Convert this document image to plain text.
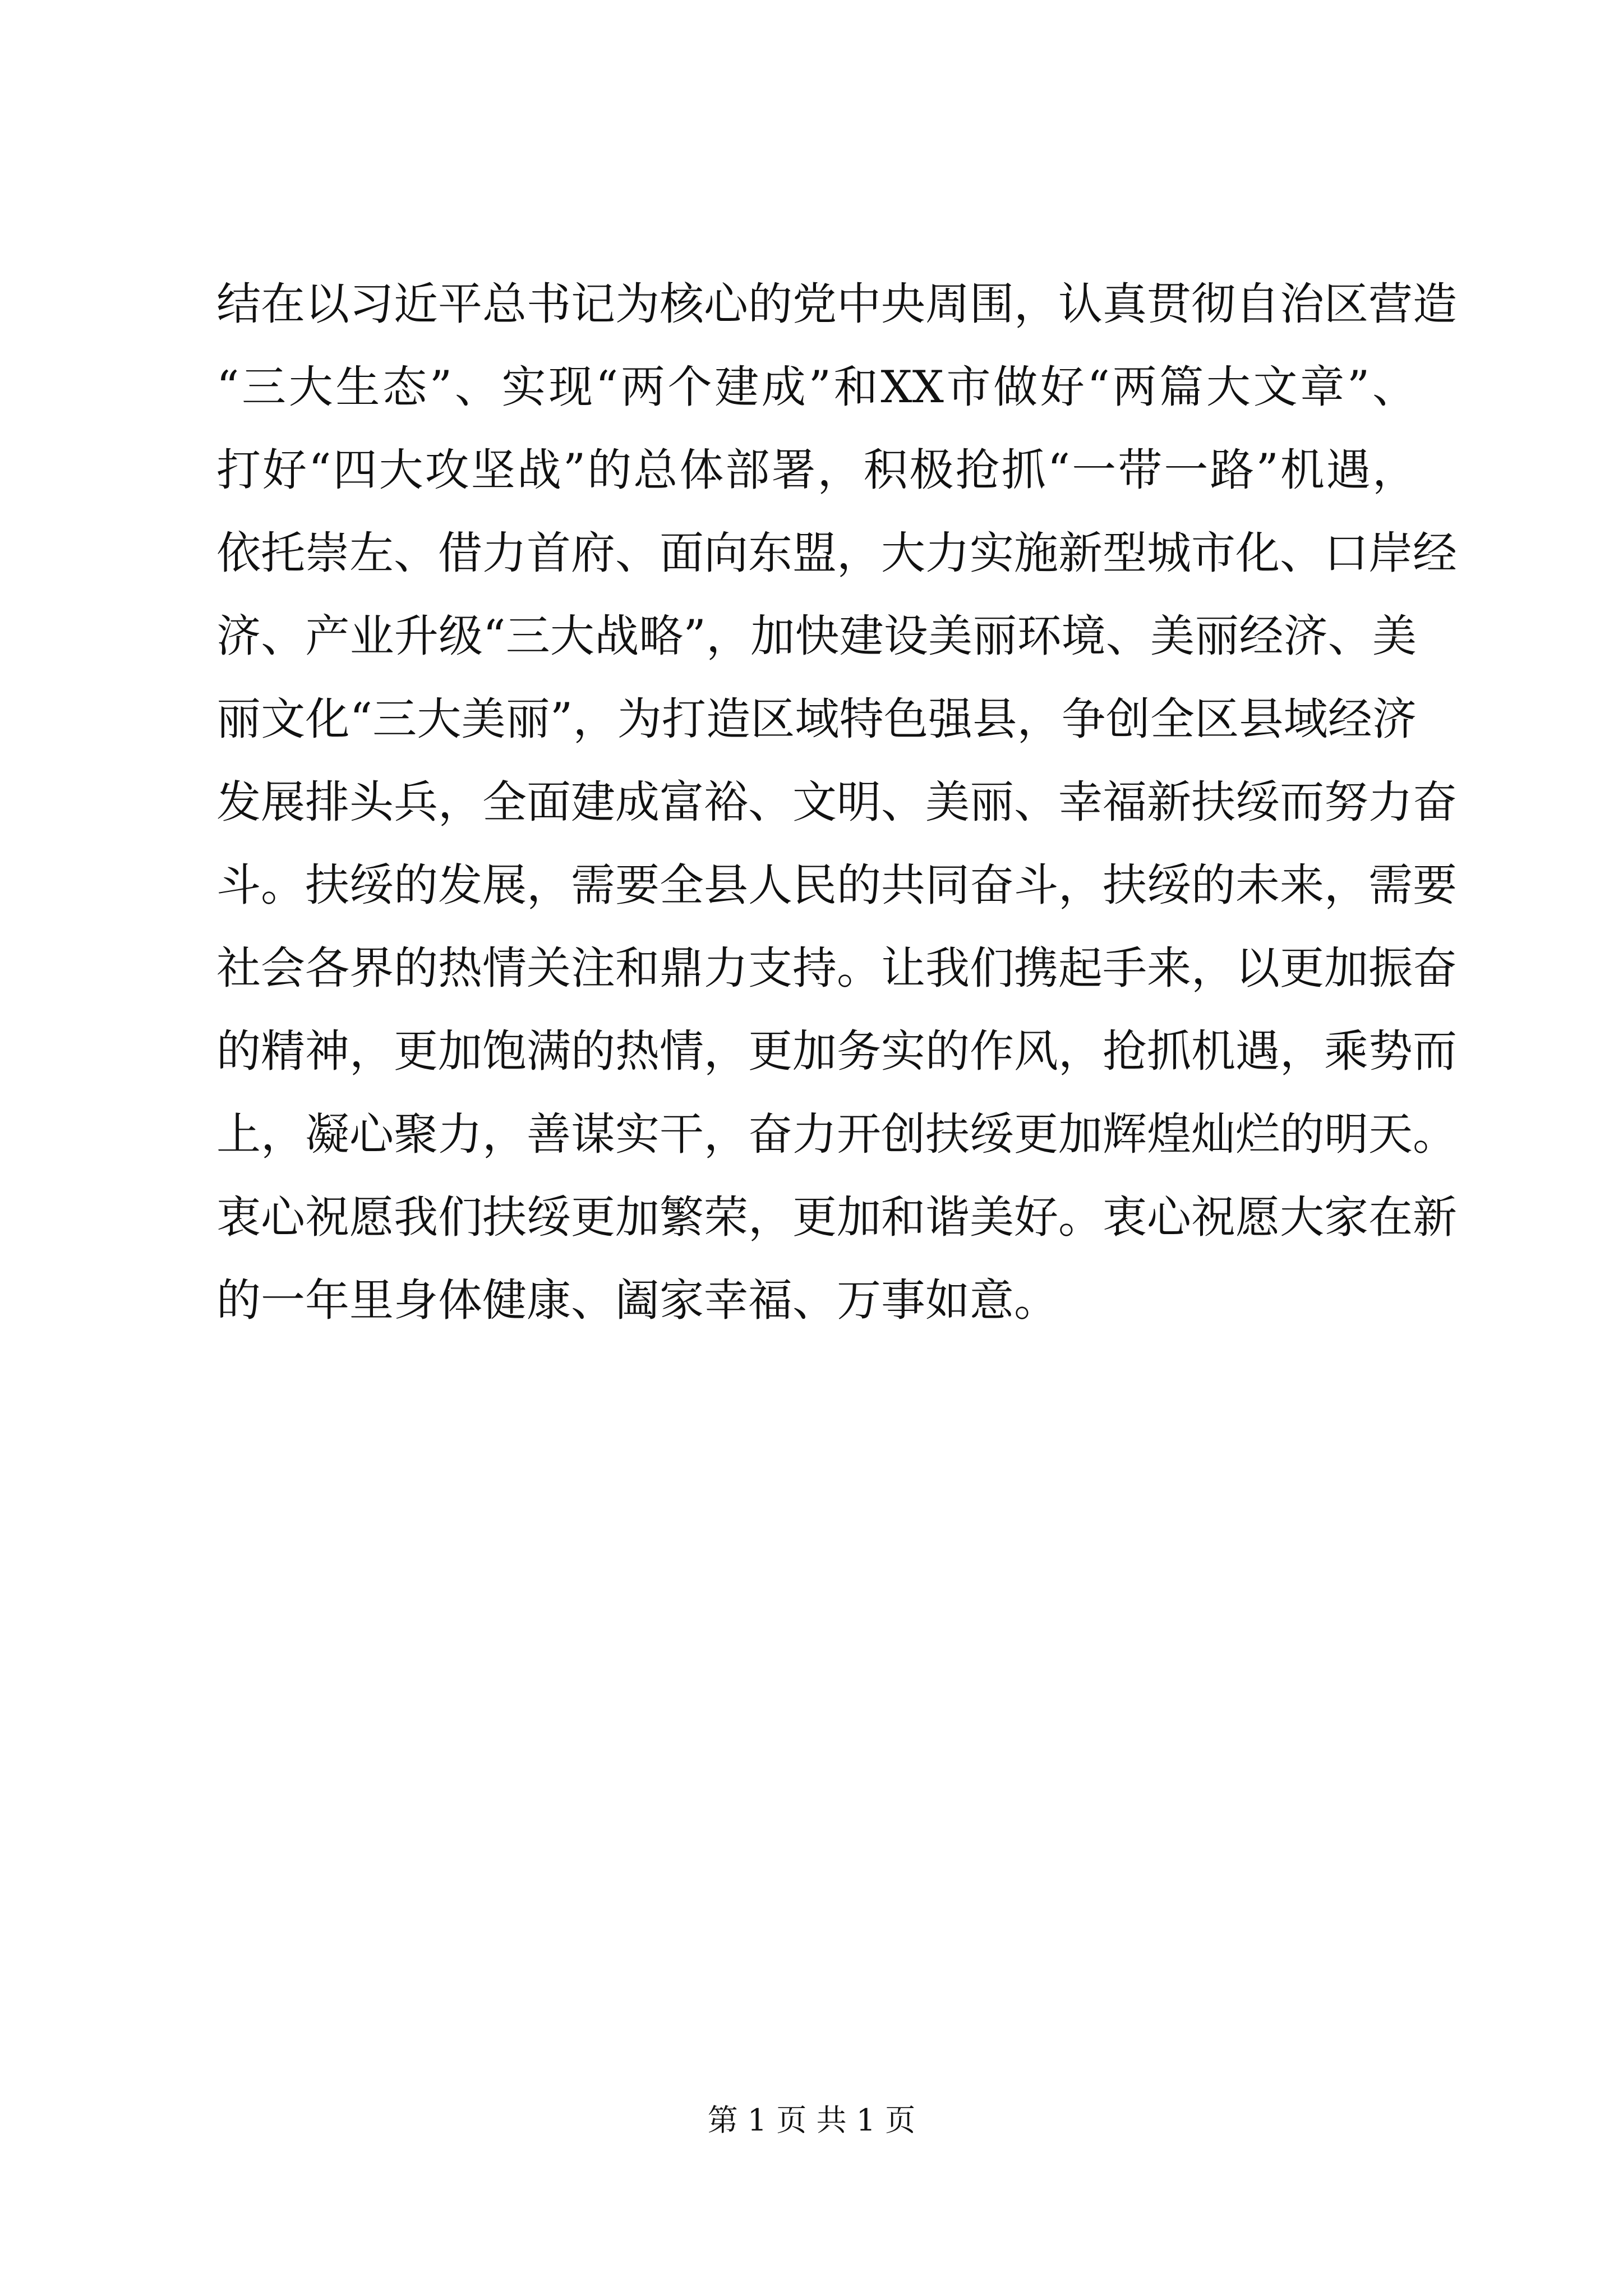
结在以习近平总书记为核心的党中央周围，认真贯彻自治区营造
“三大生态”、实现“两个建成”和XX市做好“两篇大文章”、
打好“四大攻坚战”的总体部署，积极抢抓“一带一路”机遇，
依托崇左、借力首府、面向东盟，大力实施新型城市化、口岸经
济、产业升级“三大战略”，加快建设美丽环境、美丽经济、美
丽文化“三大美丽”，为打造区域特色强县，争创全区县域经济
发展排头兵，全面建成富裕、文明、美丽、幸福新扶绥而努力奋
斗。扶绥的发展，需要全县人民的共同奋斗，扶绥的未来，需要
社会各界的热情关注和鼎力支持。让我们携起手来，以更加振奋
的精神，更加饱满的热情，更加务实的作风，抢抓机遇，乘势而
上，凝心聚力，善谋实干，奋力开创扶绥更加辉煌灿烂的明天。
衷心祝愿我们扶绥更加繁荣，更加和谐美好。衷心祝愿大家在新
的一年里身体健康、阖家幸福、万事如意。
第 1 页 共 1 页
